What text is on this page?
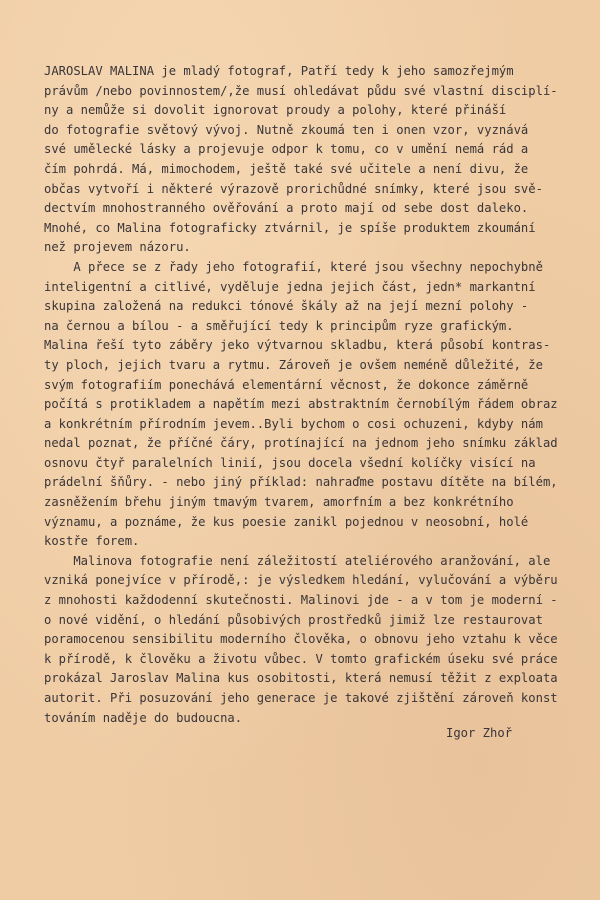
JAROSLAV MALINA je mladý fotograf, Patří tedy k jeho samozřejmým
právům /nebo povinnostem/,že musí ohledávat půdu své vlastní disciplí-
ny a nemůže si dovolit ignorovat proudy a polohy, které přináší
do fotografie světový vývoj. Nutně zkoumá ten i onen vzor, vyznává
své umělecké lásky a projevuje odpor k tomu, co v umění nemá rád a
čím pohrdá. Má, mimochodem, ještě také své učitele a není divu, že
občas vytvoří i některé výrazově prorichůdné snímky, které jsou svě-
dectvím mnohostranného ověřování a proto mají od sebe dost daleko.
Mnohé, co Malina fotograficky ztvárnil, je spíše produktem zkoumání
než projevem názoru.
A přece se z řady jeho fotografií, které jsou všechny nepochybně
inteligentní a citlivé, vyděluje jedna jejich část, jedn* markantní
skupina založená na redukci tónové škály až na její mezní polohy -
na černou a bílou - a směřující tedy k principům ryze grafickým.
Malina řeší tyto záběry jeko výtvarnou skladbu, která působí kontras-
ty ploch, jejich tvaru a rytmu. Zároveň je ovšem neméně důležité, že
svým fotografiím ponechává elementární věcnost, že dokonce záměrně
počítá s protikladem a napětím mezi abstraktním černobílým řádem obraz
a konkrétním přírodním jevem..Byli bychom o cosi ochuzeni, kdyby nám
nedal poznat, že příčné čáry, protínající na jednom jeho snímku základ
osnovu čtyř paralelních linií, jsou docela všední kolíčky visící na
prádelní šňůry. - nebo jiný příklad: nahraďme postavu dítěte na bílém,
zasněžením břehu jiným tmavým tvarem, amorfním a bez konkrétního
významu, a poznáme, že kus poesie zanikl pojednou v neosobní, holé
kostře forem.
Malinova fotografie není záležitostí ateliérového aranžování, ale
vzniká ponejvíce v přírodě,: je výsledkem hledání, vylučování a výběru
z mnohosti každodenní skutečnosti. Malinovi jde - a v tom je moderní -
o nové vidění, o hledání působivých prostředků jimiž lze restaurovat
poramocenou sensibilitu moderního člověka, o obnovu jeho vztahu k věce
k přírodě, k člověku a životu vůbec. V tomto grafickém úseku své práce
prokázal Jaroslav Malina kus osobitosti, která nemusí těžit z exploata
autorit. Při posuzování jeho generace je takové zjištění zároveň konst
továním naděje do budoucna.
Igor Zhoř
